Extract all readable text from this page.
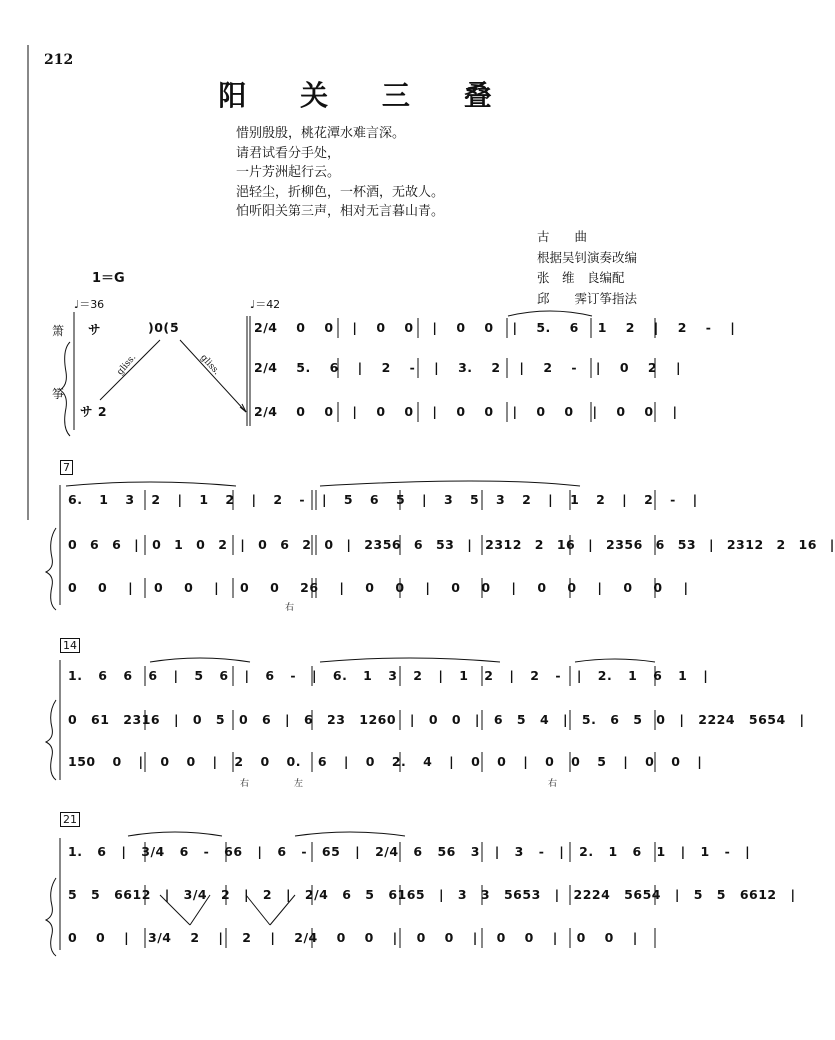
212
阳 关 三 叠
惜别殷殷，桃花潭水难言深。
请君试看分手处，
一片芳洲起行云。
浥轻尘，折柳色，一杯酒，无故人。
怕听阳关第三声，相对无言暮山青。
古　　曲
根据吴钊演奏改编
张　维　良编配
邱　　霁订筝指法
1＝G
♩＝36	♩＝42
箫
筝
サ	)0( 5̇
gliss.	gliss.
サ 2
2/4 0 0 | 0 0 | 0 0 | 5. 6 1 2 | 2 - |
2/4 5. 6 | 2 - | 3. 2 | 2 - | 0 2 |
2/4 0 0 | 0 0 | 0 0 | 0 0 | 0 0 |
7
6. 1 3 2 | 1 2 | 2 - | 5 6 5 | 3 5 3 2 | 1 2 | 2 - |
0 6 6 | 0 1 0 2 | 0 6 2 0 | 2356 6 53 | 2312 2 16 | 2356 6 53 | 2312 2 16 |
0 0 | 0 0 | 0 0 26 | 0 0 | 0 0 | 0 0 | 0 0 |
右
14
1. 6 6 6 | 5 6 | 6 - | 6. 1 3 2 | 1 2 | 2 - | 2. 1 6 1 |
0 61 2316 | 0 5 0 6 | 6 23 1260 | 0 0 | 6 5 4 | 5. 6 5 0 | 2224 5654 |
150 0 | 0 0 | 2 0 0. 6 | 0 2. 4 | 0 0 | 0 0 5 | 0 0 |
右	左	右
21
1. 6 | 3/4 6 - 66 | 6 - 65 | 2/4 6 56 3 | 3 - | 2. 1 6 1 | 1 - |
5 5 6612 | 3/4 2 | 2 | 2/4 6 5 6165 | 3 3 5653 | 2224 5654 | 5 5 6612 |
0 0 | 3/4 2 | 2 | 2/4 0 0 | 0 0 | 0 0 | 0 0 |
